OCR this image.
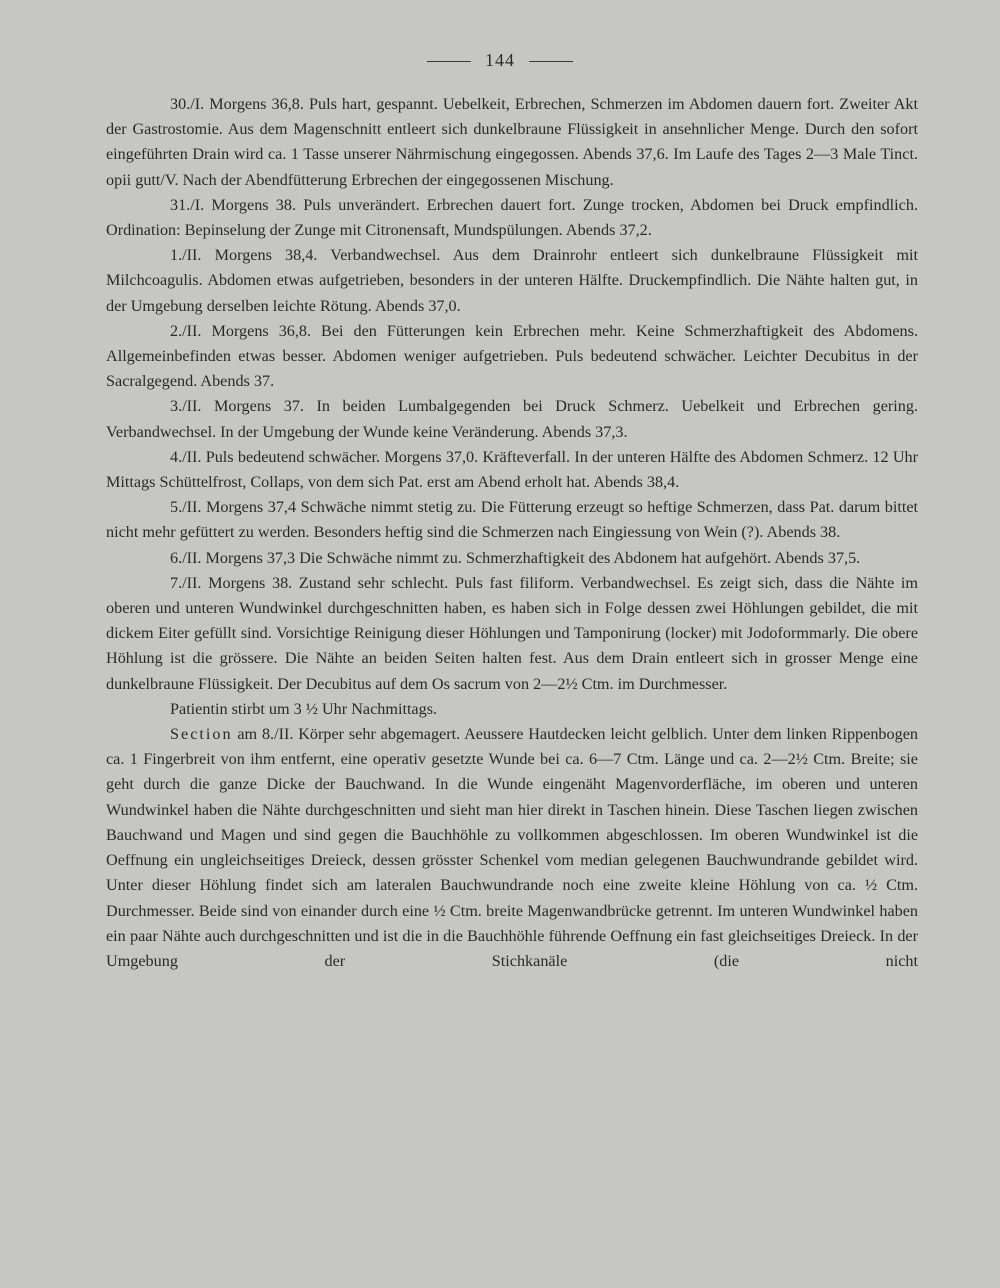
144

30./I. Morgens 36,8. Puls hart, gespannt. Uebelkeit, Erbrechen, Schmerzen im Abdomen dauern fort. Zweiter Akt der Gastrostomie. Aus dem Magenschnitt entleert sich dunkelbraune Flüssigkeit in ansehnlicher Menge. Durch den sofort eingeführten Drain wird ca. 1 Tasse unserer Nährmischung eingegossen. Abends 37,6. Im Laufe des Tages 2—3 Male Tinct. opii gutt/V. Nach der Abendfütterung Erbrechen der eingegossenen Mischung.

31./I. Morgens 38. Puls unverändert. Erbrechen dauert fort. Zunge trocken, Abdomen bei Druck empfindlich. Ordination: Bepinselung der Zunge mit Citronensaft, Mundspülungen. Abends 37,2.

1./II. Morgens 38,4. Verbandwechsel. Aus dem Drainrohr entleert sich dunkelbraune Flüssigkeit mit Milchcoagulis. Abdomen etwas aufgetrieben, besonders in der unteren Hälfte. Druckempfindlich. Die Nähte halten gut, in der Umgebung derselben leichte Rötung. Abends 37,0.

2./II. Morgens 36,8. Bei den Fütterungen kein Erbrechen mehr. Keine Schmerzhaftigkeit des Abdomens. Allgemeinbefinden etwas besser. Abdomen weniger aufgetrieben. Puls bedeutend schwächer. Leichter Decubitus in der Sacralgegend. Abends 37.

3./II. Morgens 37. In beiden Lumbalgegenden bei Druck Schmerz. Uebelkeit und Erbrechen gering. Verbandwechsel. In der Umgebung der Wunde keine Veränderung. Abends 37,3.

4./II. Puls bedeutend schwächer. Morgens 37,0. Kräfteverfall. In der unteren Hälfte des Abdomen Schmerz. 12 Uhr Mittags Schüttelfrost, Collaps, von dem sich Pat. erst am Abend erholt hat. Abends 38,4.

5./II. Morgens 37,4 Schwäche nimmt stetig zu. Die Fütterung erzeugt so heftige Schmerzen, dass Pat. darum bittet nicht mehr gefüttert zu werden. Besonders heftig sind die Schmerzen nach Eingiessung von Wein (?). Abends 38.

6./II. Morgens 37,3 Die Schwäche nimmt zu. Schmerzhaftigkeit des Abdonem hat aufgehört. Abends 37,5.

7./II. Morgens 38. Zustand sehr schlecht. Puls fast filiform. Verbandwechsel. Es zeigt sich, dass die Nähte im oberen und unteren Wundwinkel durchgeschnitten haben, es haben sich in Folge dessen zwei Höhlungen gebildet, die mit dickem Eiter gefüllt sind. Vorsichtige Reinigung dieser Höhlungen und Tamponirung (locker) mit Jodoformmarly. Die obere Höhlung ist die grössere. Die Nähte an beiden Seiten halten fest. Aus dem Drain entleert sich in grosser Menge eine dunkelbraune Flüssigkeit. Der Decubitus auf dem Os sacrum von 2—2½ Ctm. im Durchmesser.

Patientin stirbt um 3 ½ Uhr Nachmittags.

Section am 8./II. Körper sehr abgemagert. Aeussere Hautdecken leicht gelblich. Unter dem linken Rippenbogen ca. 1 Fingerbreit von ihm entfernt, eine operativ gesetzte Wunde bei ca. 6—7 Ctm. Länge und ca. 2—2½ Ctm. Breite; sie geht durch die ganze Dicke der Bauchwand. In die Wunde eingenäht Magenvorderfläche, im oberen und unteren Wundwinkel haben die Nähte durchgeschnitten und sieht man hier direkt in Taschen hinein. Diese Taschen liegen zwischen Bauchwand und Magen und sind gegen die Bauchhöhle zu vollkommen abgeschlossen. Im oberen Wundwinkel ist die Oeffnung ein ungleichseitiges Dreieck, dessen grösster Schenkel vom median gelegenen Bauchwundrande gebildet wird. Unter dieser Höhlung findet sich am lateralen Bauchwundrande noch eine zweite kleine Höhlung von ca. ½ Ctm. Durchmesser. Beide sind von einander durch eine ½ Ctm. breite Magenwandbrücke getrennt. Im unteren Wundwinkel haben ein paar Nähte auch durchgeschnitten und ist die in die Bauchhöhle führende Oeffnung ein fast gleichseitiges Dreieck. In der Umgebung der Stichkanäle (die nicht
